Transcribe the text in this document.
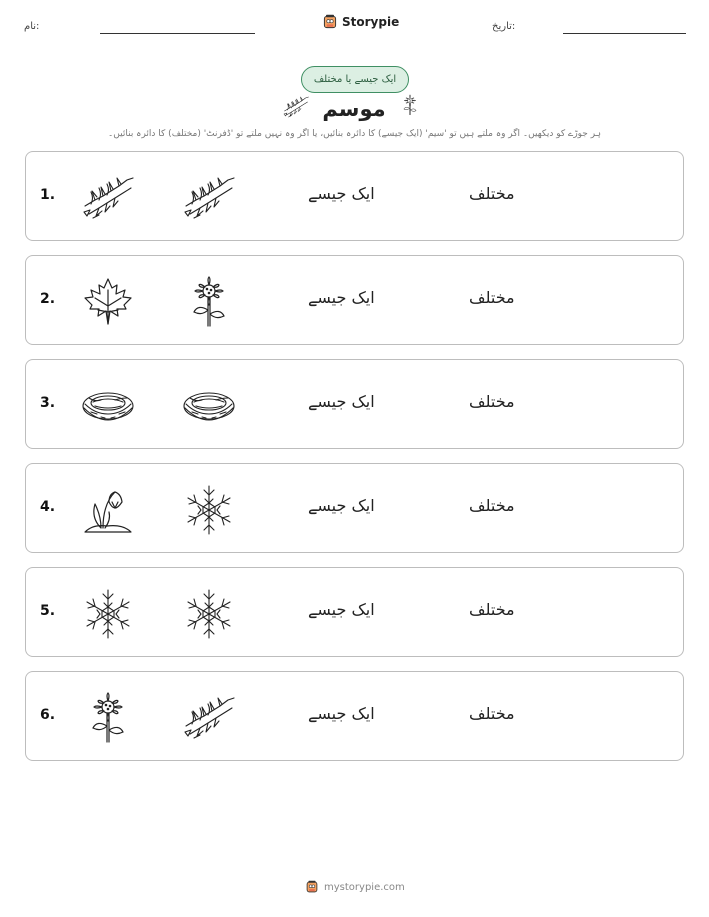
نام:	Storypie	تاریخ:
ایک جیسے یا مختلف
موسم
ہر جوڑے کو دیکھیں۔ اگر وہ ملتے ہیں تو 'سیم' (ایک جیسے) کا دائرہ بنائیں، یا اگر وہ نہیں ملتے تو 'ڈفرنٹ' (مختلف) کا دائرہ بنائیں۔
1.	ایک جیسے	مختلف
2.	ایک جیسے	مختلف
3.	ایک جیسے	مختلف
4.	ایک جیسے	مختلف
5.	ایک جیسے	مختلف
6.	ایک جیسے	مختلف
mystorypie.com
